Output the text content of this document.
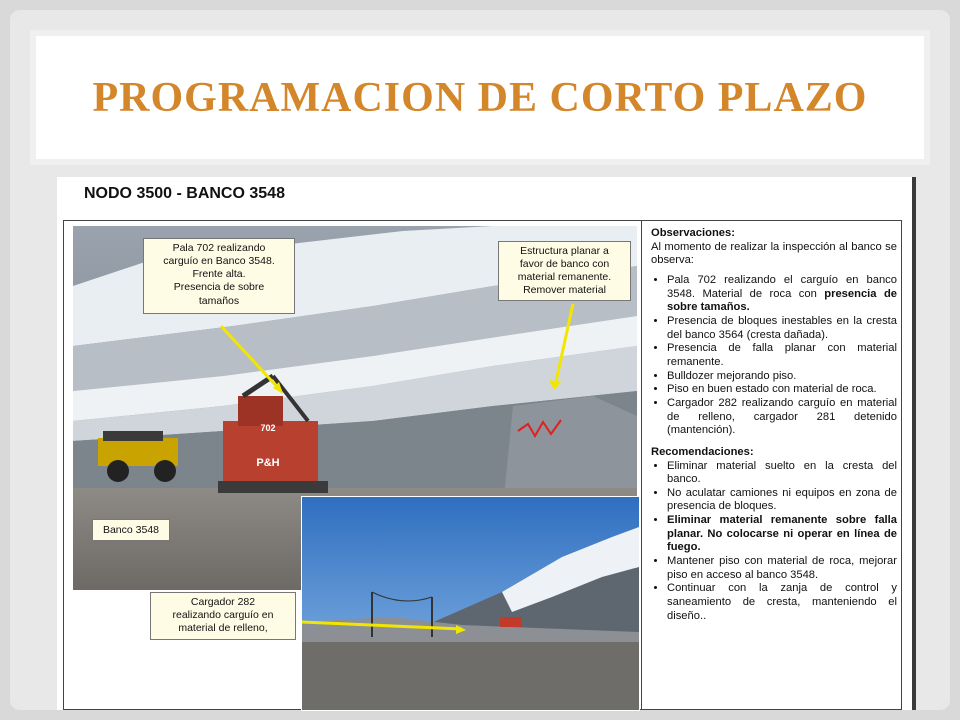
PROGRAMACION DE CORTO PLAZO
NODO 3500 - BANCO 3548
702
P&H
Pala 702 realizando
carguío en Banco 3548.
Frente alta.
Presencia de sobre
tamaños
Estructura planar a
favor de banco con
material remanente.
Remover material
Banco 3548
Cargador 282
realizando carguío en
material de relleno,
Observaciones:

Al momento de realizar la inspección al banco se observa:

• Pala 702 realizando el carguío en banco 3548. Material de roca con presencia de sobre tamaños.
• Presencia de bloques inestables en la cresta del banco 3564 (cresta dañada).
• Presencia de falla planar con material remanente.
• Bulldozer mejorando piso.
• Piso en buen estado con material de roca.
• Cargador 282 realizando carguío en material de relleno, cargador 281 detenido (mantención).
Recomendaciones:
• Eliminar material suelto en la cresta del banco.
• No aculatar camiones ni equipos en zona de presencia de bloques.
• Eliminar material remanente sobre falla planar. No colocarse ni operar en línea de fuego.
• Mantener piso con material de roca, mejorar piso en acceso al banco 3548.
• Continuar con la zanja de control y saneamiento de cresta, manteniendo el diseño..
